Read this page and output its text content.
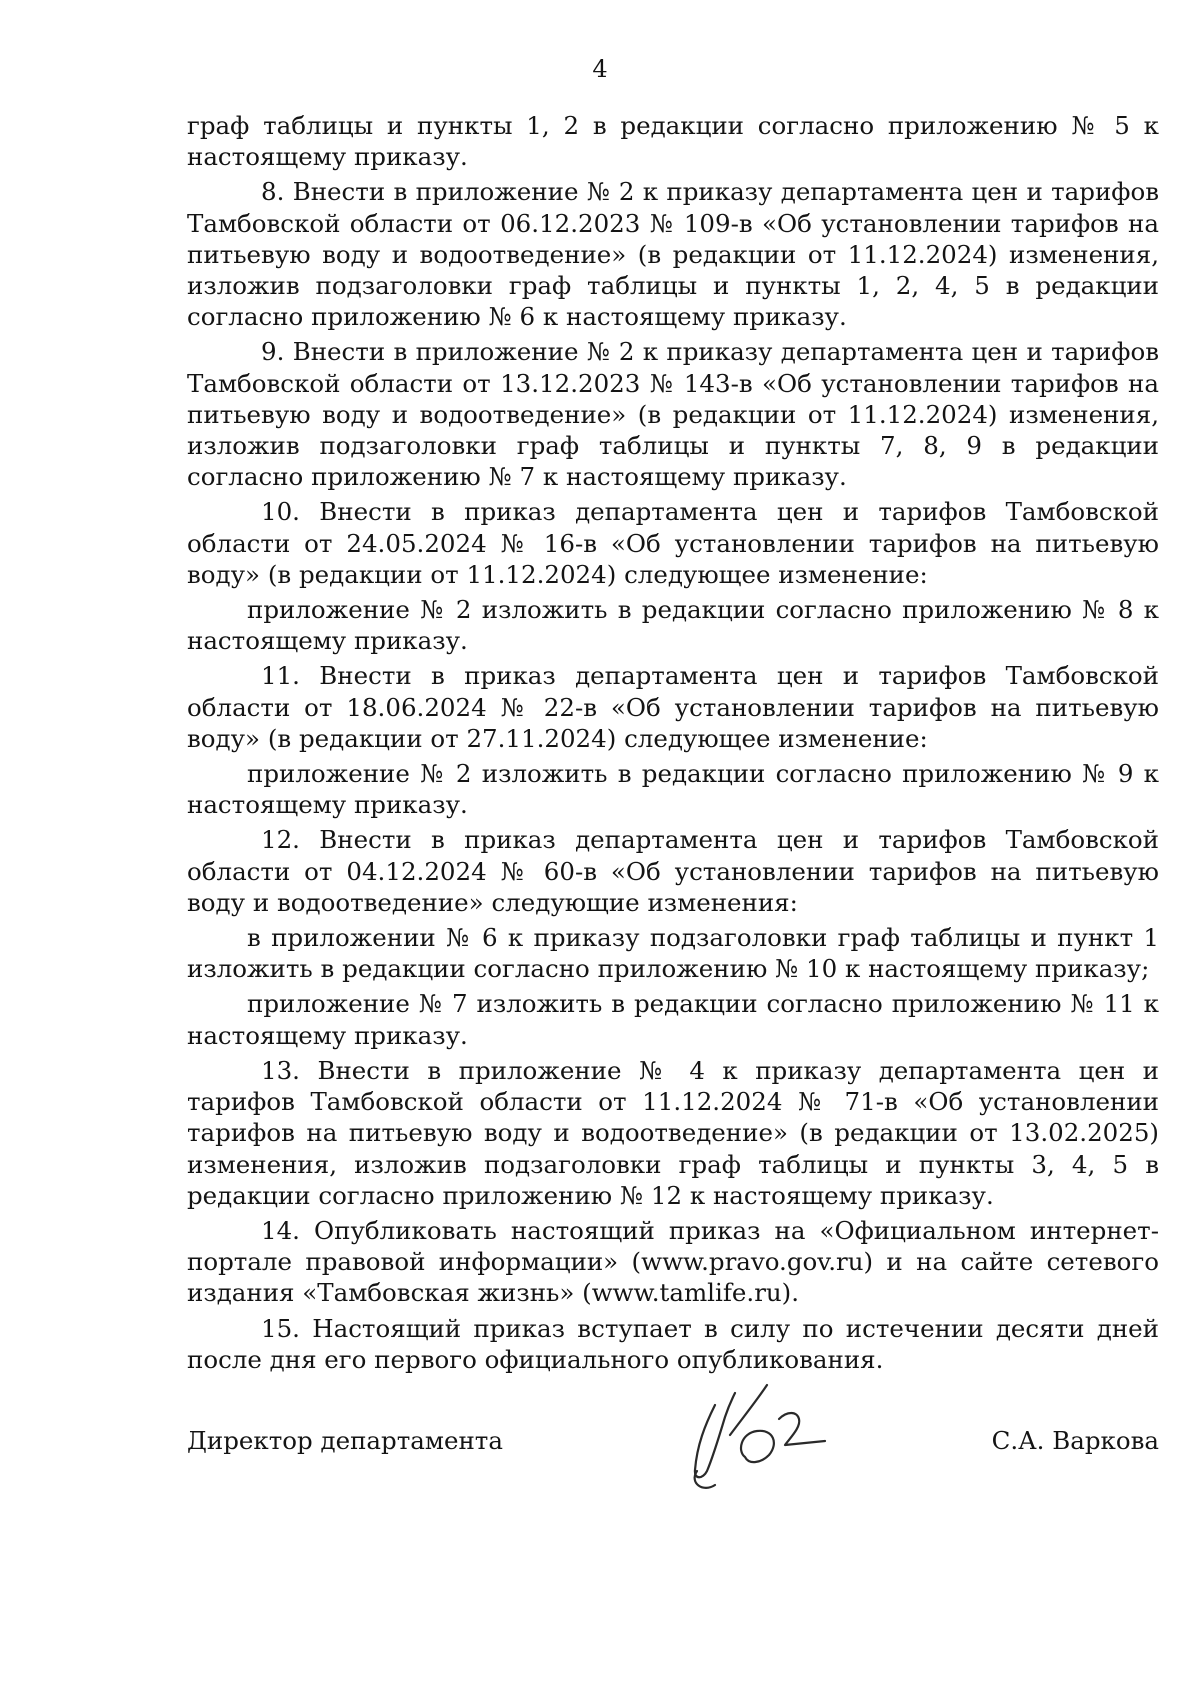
4

граф таблицы и пункты 1, 2 в редакции согласно приложению № 5 к настоящему приказу.

8. Внести в приложение № 2 к приказу департамента цен и тарифов Тамбовской области от 06.12.2023 № 109-в «Об установлении тарифов на питьевую воду и водоотведение» (в редакции от 11.12.2024) изменения, изложив подзаголовки граф таблицы и пункты 1, 2, 4, 5 в редакции согласно приложению № 6 к настоящему приказу.

9. Внести в приложение № 2 к приказу департамента цен и тарифов Тамбовской области от 13.12.2023 № 143-в «Об установлении тарифов на питьевую воду и водоотведение» (в редакции от 11.12.2024) изменения, изложив подзаголовки граф таблицы и пункты 7, 8, 9 в редакции согласно приложению № 7 к настоящему приказу.

10. Внести в приказ департамента цен и тарифов Тамбовской области от 24.05.2024 № 16-в «Об установлении тарифов на питьевую воду» (в редакции от 11.12.2024) следующее изменение:

приложение № 2 изложить в редакции согласно приложению № 8 к настоящему приказу.

11. Внести в приказ департамента цен и тарифов Тамбовской области от 18.06.2024 № 22-в «Об установлении тарифов на питьевую воду» (в редакции от 27.11.2024) следующее изменение:

приложение № 2 изложить в редакции согласно приложению № 9 к настоящему приказу.

12. Внести в приказ департамента цен и тарифов Тамбовской области от 04.12.2024 № 60-в «Об установлении тарифов на питьевую воду и водоотведение» следующие изменения:

в приложении № 6 к приказу подзаголовки граф таблицы и пункт 1 изложить в редакции согласно приложению № 10 к настоящему приказу;

приложение № 7 изложить в редакции согласно приложению № 11 к настоящему приказу.

13. Внести в приложение № 4 к приказу департамента цен и тарифов Тамбовской области от 11.12.2024 № 71-в «Об установлении тарифов на питьевую воду и водоотведение» (в редакции от 13.02.2025) изменения, изложив подзаголовки граф таблицы и пункты 3, 4, 5 в редакции согласно приложению № 12 к настоящему приказу.

14. Опубликовать настоящий приказ на «Официальном интернет-портале правовой информации» (www.pravo.gov.ru) и на сайте сетевого издания «Тамбовская жизнь» (www.tamlife.ru).

15. Настоящий приказ вступает в силу по истечении десяти дней после дня его первого официального опубликования.

Директор департамента	С.А. Варкова
